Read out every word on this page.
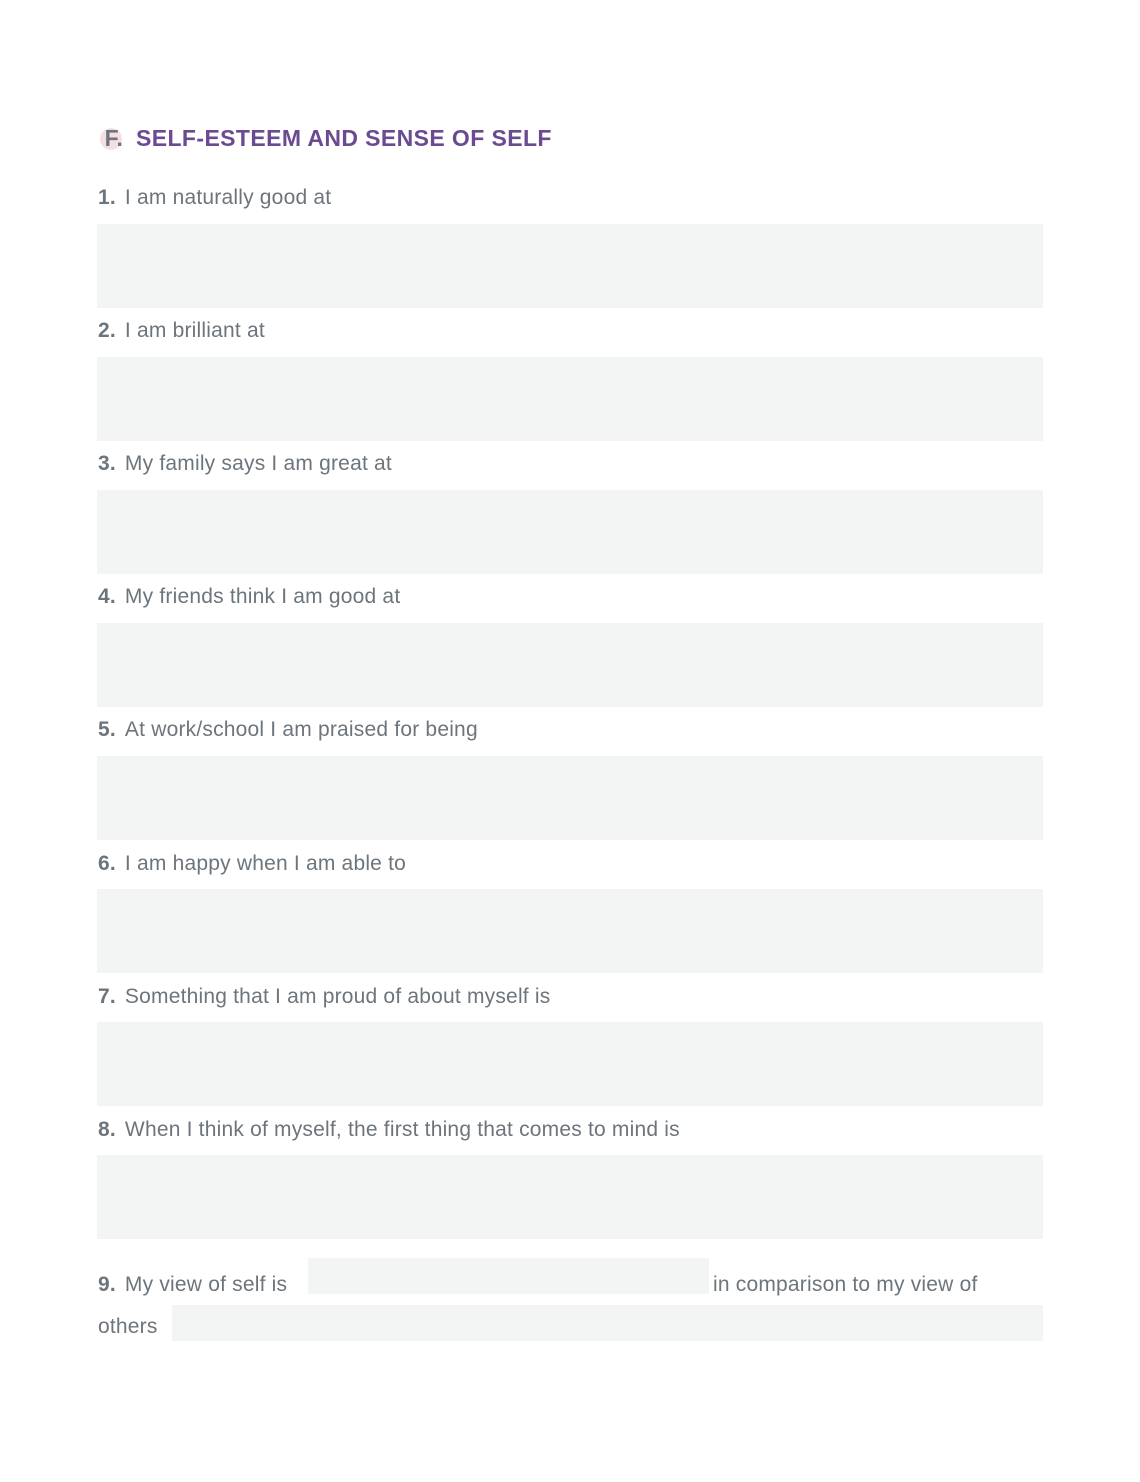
F. SELF-ESTEEM AND SENSE OF SELF
1. I am naturally good at
2. I am brilliant at
3. My family says I am great at
4. My friends think I am good at
5. At work/school I am praised for being
6. I am happy when I am able to
7. Something that I am proud of about myself is
8. When I think of myself, the first thing that comes to mind is
9. My view of self is	in comparison to my view of
others
